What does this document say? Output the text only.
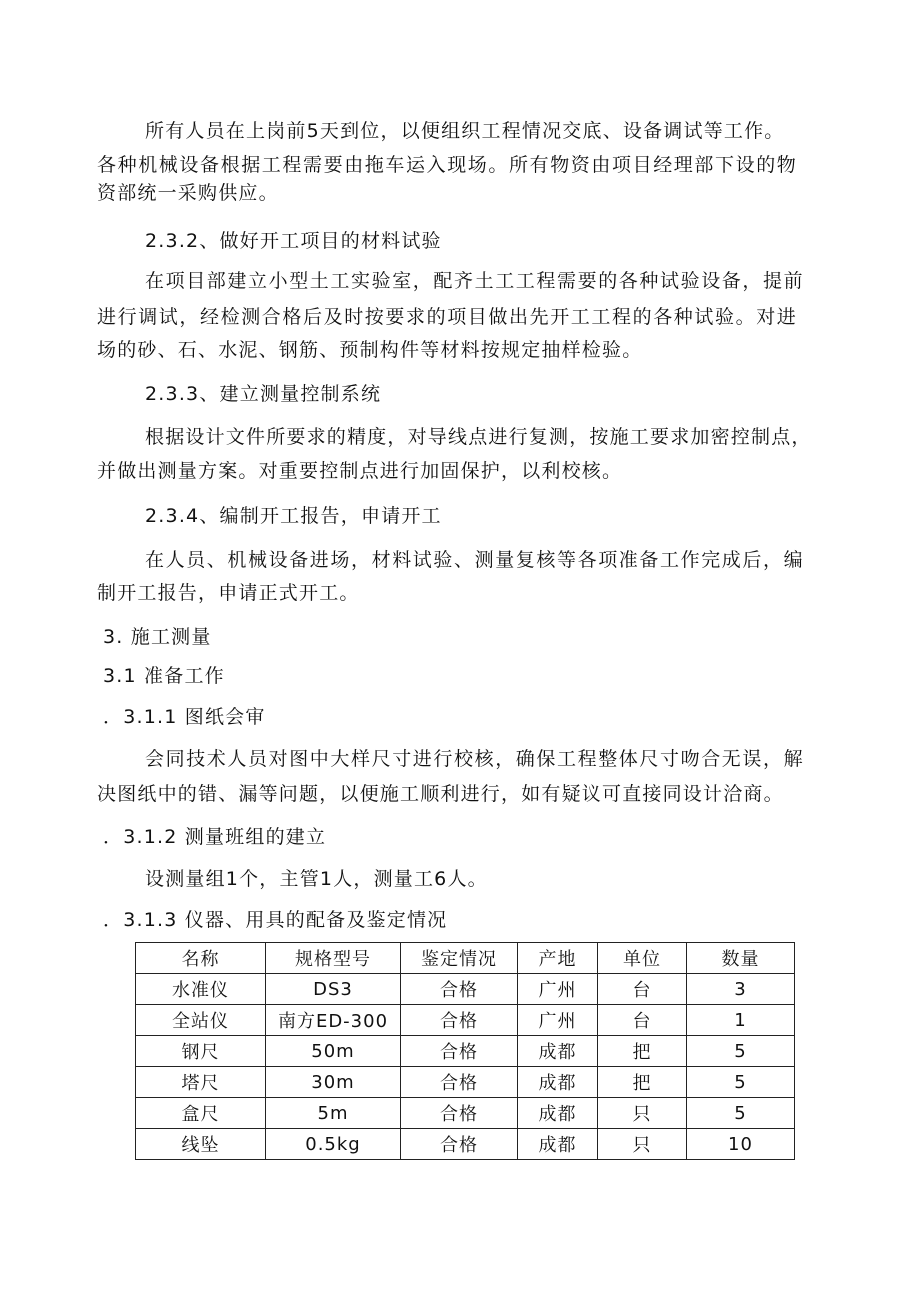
所有人员在上岗前5天到位，以便组织工程情况交底、设备调试等工作。
各种机械设备根据工程需要由拖车运入现场。所有物资由项目经理部下设的物
资部统一采购供应。
2.3.2、做好开工项目的材料试验
在项目部建立小型土工实验室，配齐土工工程需要的各种试验设备，提前
进行调试，经检测合格后及时按要求的项目做出先开工工程的各种试验。对进
场的砂、石、水泥、钢筋、预制构件等材料按规定抽样检验。
2.3.3、建立测量控制系统
根据设计文件所要求的精度，对导线点进行复测，按施工要求加密控制点，
并做出测量方案。对重要控制点进行加固保护，以利校核。
2.3.4、编制开工报告，申请开工
在人员、机械设备进场，材料试验、测量复核等各项准备工作完成后，编
制开工报告，申请正式开工。
3. 施工测量
3.1 准备工作
．3.1.1 图纸会审
会同技术人员对图中大样尺寸进行校核，确保工程整体尺寸吻合无误，解
决图纸中的错、漏等问题，以便施工顺利进行，如有疑议可直接同设计洽商。
．3.1.2 测量班组的建立
设测量组1个，主管1人，测量工6人。
．3.1.3 仪器、用具的配备及鉴定情况
名称	规格型号	鉴定情况	产地	单位	数量
水准仪	DS3	合格	广州	台	3
全站仪	南方ED-300	合格	广州	台	1
钢尺	50m	合格	成都	把	5
塔尺	30m	合格	成都	把	5
盒尺	5m	合格	成都	只	5
线坠	0.5kg	合格	成都	只	10
